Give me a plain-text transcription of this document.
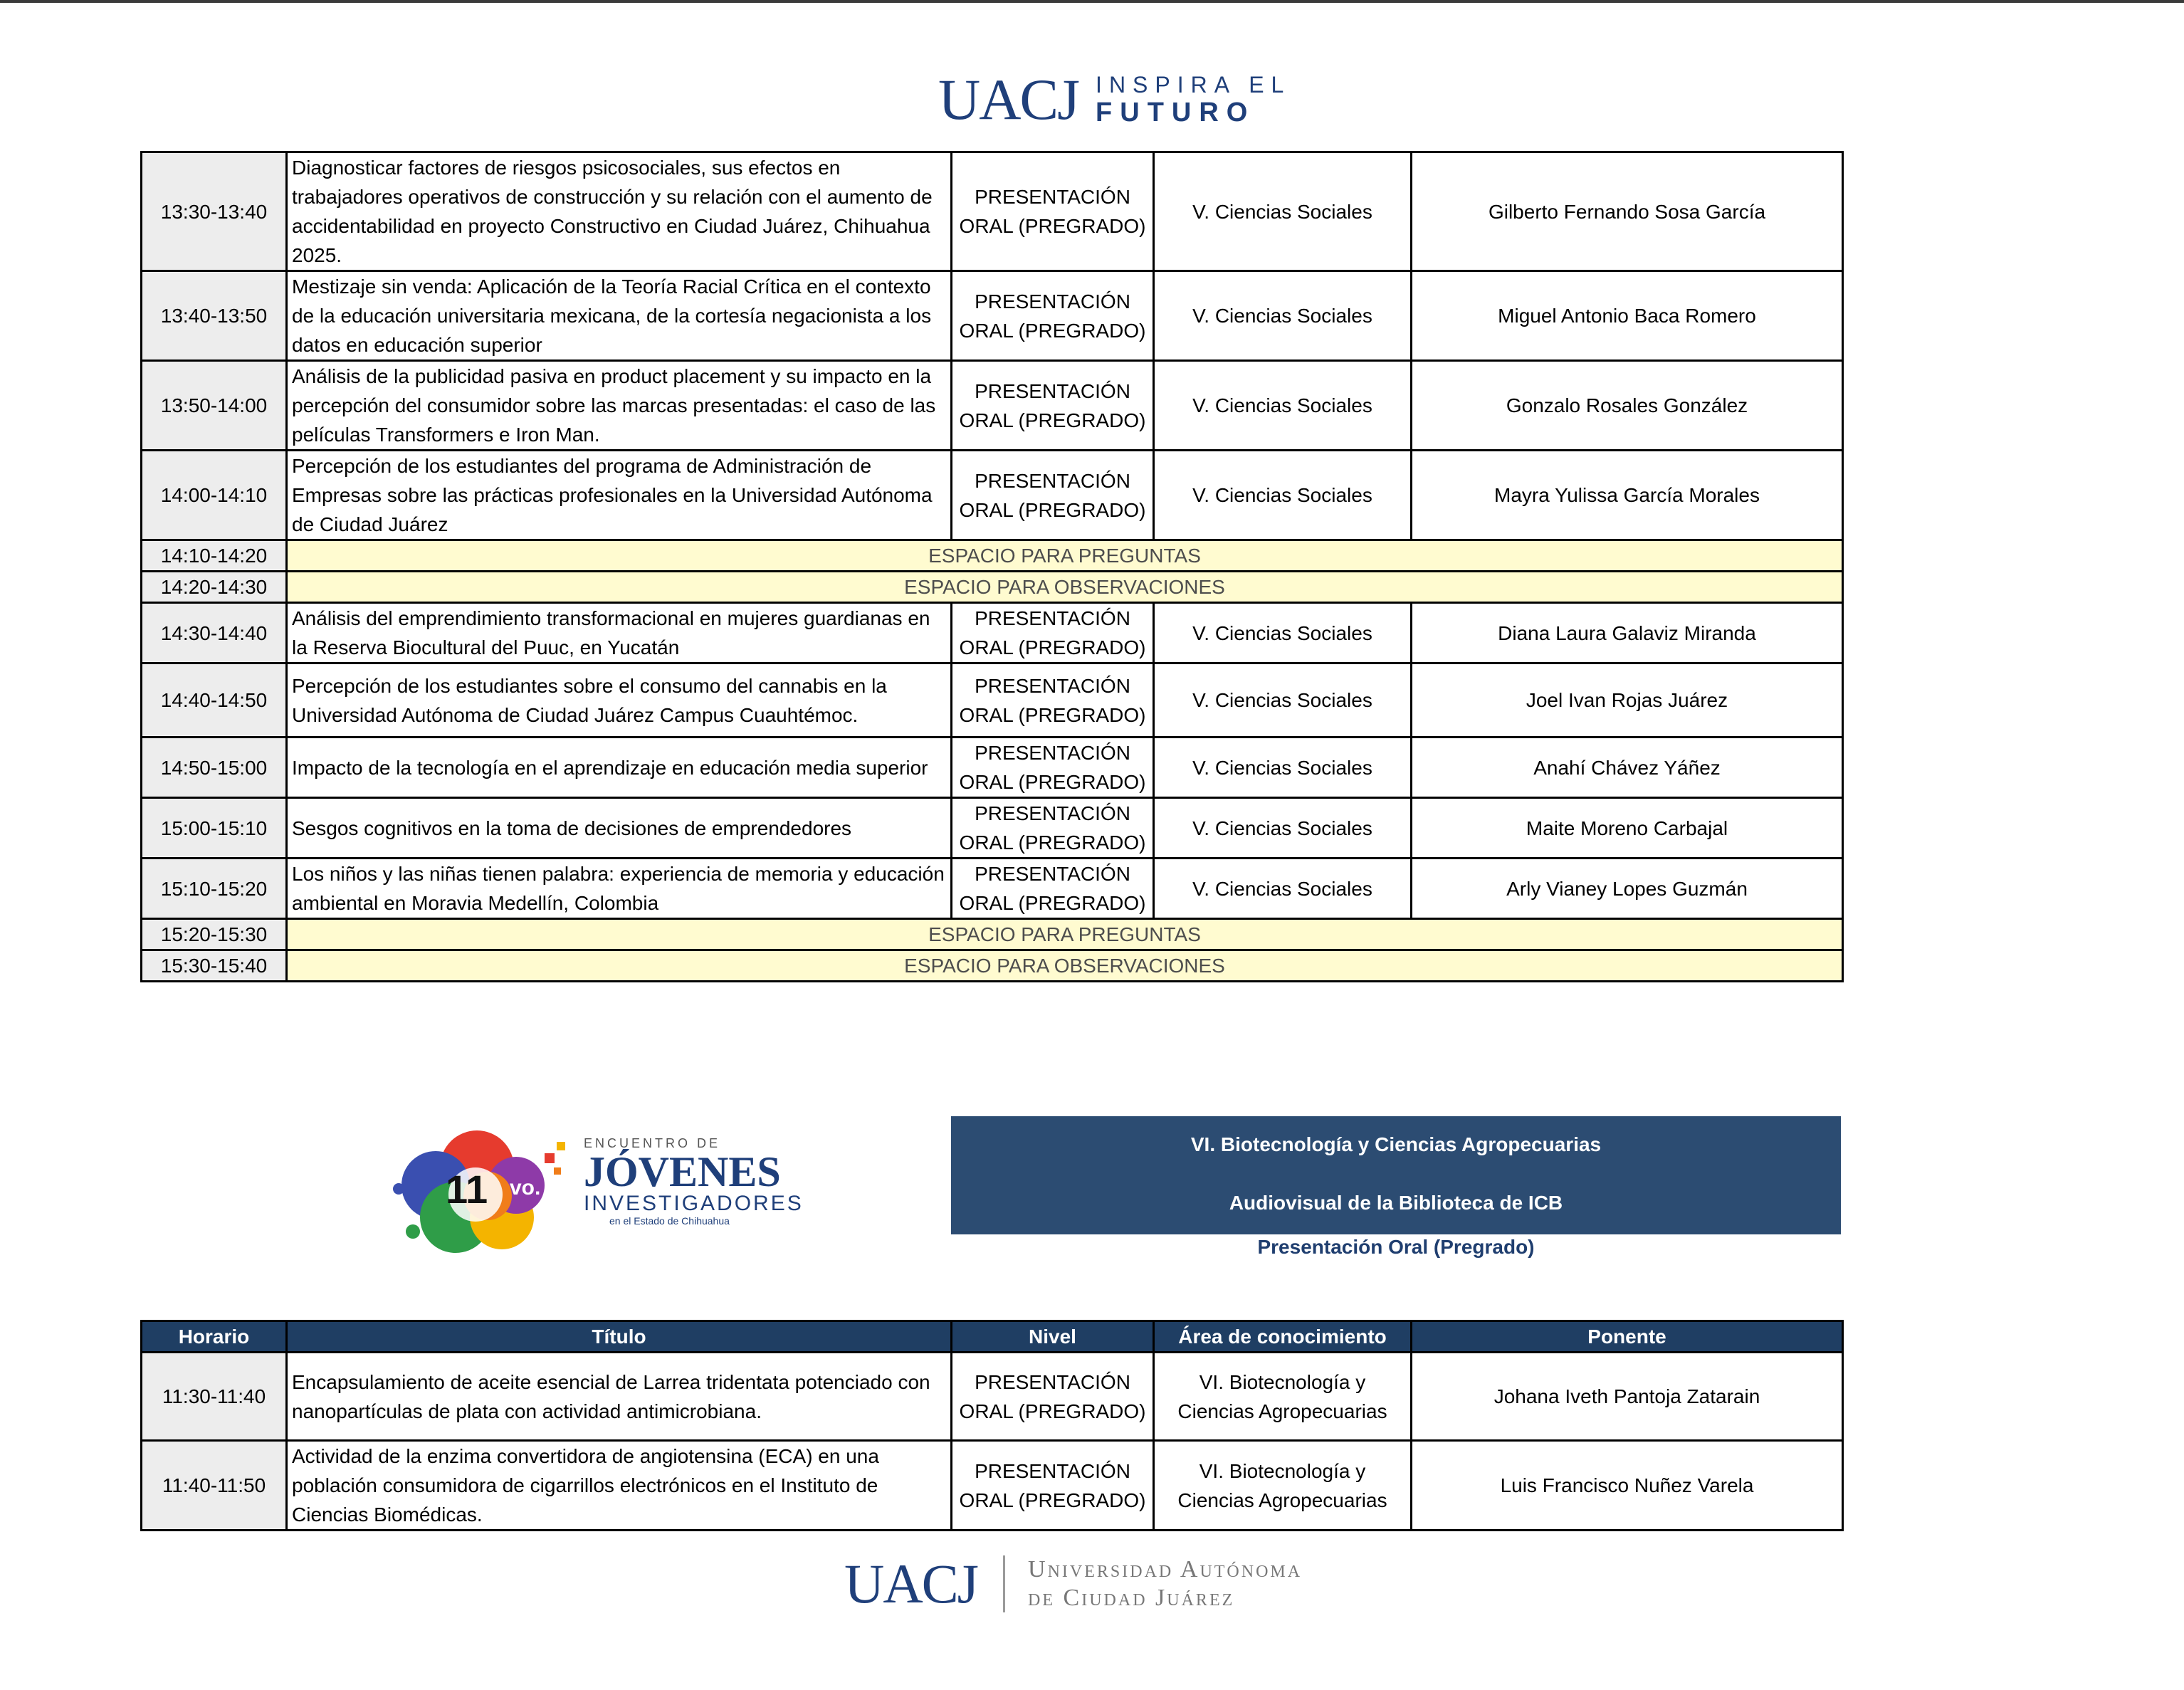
UACJ INSPIRA EL
FUTURO
13:30-13:40	Diagnosticar factores de riesgos psicosociales, sus efectos en trabajadores operativos de construcción y su relación con el aumento de accidentabilidad en proyecto Constructivo en Ciudad Juárez, Chihuahua 2025.	PRESENTACIÓN ORAL (PREGRADO)	V. Ciencias Sociales	Gilberto Fernando Sosa García
13:40-13:50	Mestizaje sin venda: Aplicación de la Teoría Racial Crítica en el contexto de la educación universitaria mexicana, de la cortesía negacionista a los datos en educación superior	PRESENTACIÓN ORAL (PREGRADO)	V. Ciencias Sociales	Miguel Antonio Baca Romero
13:50-14:00	Análisis de la publicidad pasiva en product placement y su impacto en la percepción del consumidor sobre las marcas presentadas: el caso de las películas Transformers e Iron Man.	PRESENTACIÓN ORAL (PREGRADO)	V. Ciencias Sociales	Gonzalo Rosales González
14:00-14:10	Percepción de los estudiantes del programa de Administración de Empresas sobre las prácticas profesionales en la Universidad Autónoma de Ciudad Juárez	PRESENTACIÓN ORAL (PREGRADO)	V. Ciencias Sociales	Mayra Yulissa García Morales
14:10-14:20	ESPACIO PARA PREGUNTAS			
14:20-14:30	ESPACIO PARA OBSERVACIONES			
14:30-14:40	Análisis del emprendimiento transformacional en mujeres guardianas en la Reserva Biocultural del Puuc, en Yucatán	PRESENTACIÓN ORAL (PREGRADO)	V. Ciencias Sociales	Diana Laura Galaviz Miranda
14:40-14:50	Percepción de los estudiantes sobre el consumo del cannabis en la Universidad Autónoma de Ciudad Juárez Campus Cuauhtémoc.	PRESENTACIÓN ORAL (PREGRADO)	V. Ciencias Sociales	Joel Ivan Rojas Juárez
14:50-15:00	Impacto de la tecnología en el aprendizaje en educación media superior	PRESENTACIÓN ORAL (PREGRADO)	V. Ciencias Sociales	Anahí Chávez Yáñez
15:00-15:10	Sesgos cognitivos en la toma de decisiones de emprendedores	PRESENTACIÓN ORAL (PREGRADO)	V. Ciencias Sociales	Maite Moreno Carbajal
15:10-15:20	Los niños y las niñas tienen palabra: experiencia de memoria y educación ambiental en Moravia Medellín, Colombia	PRESENTACIÓN ORAL (PREGRADO)	V. Ciencias Sociales	Arly Vianey Lopes Guzmán
15:20-15:30	ESPACIO PARA PREGUNTAS			
15:30-15:40	ESPACIO PARA OBSERVACIONES			
11 vo.
ENCUENTRO DE
JÓVENES
INVESTIGADORES
en el Estado de Chihuahua
VI. Biotecnología y Ciencias Agropecuarias
Audiovisual de la Biblioteca de ICB
Presentación Oral (Pregrado)
Horario	Título	Nivel	Área de conocimiento	Ponente
11:30-11:40	Encapsulamiento de aceite esencial de Larrea tridentata potenciado con nanopartículas de plata con actividad antimicrobiana.	PRESENTACIÓN ORAL (PREGRADO)	VI. Biotecnología y Ciencias Agropecuarias	Johana Iveth Pantoja Zatarain
11:40-11:50	Actividad de la enzima convertidora de angiotensina (ECA) en una población consumidora de cigarrillos electrónicos en el Instituto de Ciencias Biomédicas.	PRESENTACIÓN ORAL (PREGRADO)	VI. Biotecnología y Ciencias Agropecuarias	Luis Francisco Nuñez Varela
UACJ Universidad Autónoma
de Ciudad Juárez
